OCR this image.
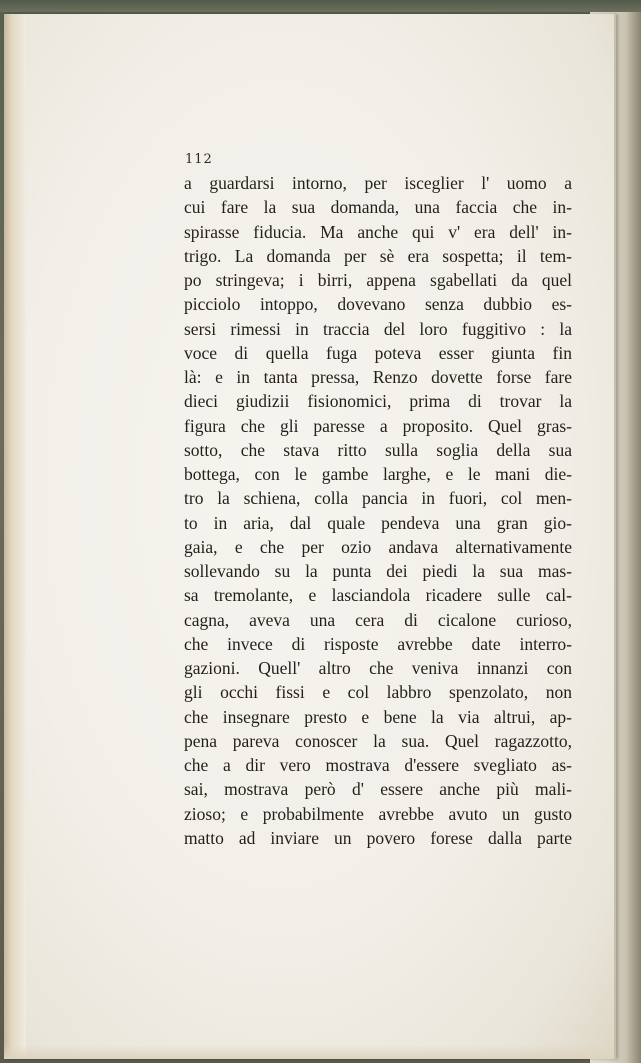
112
a guardarsi intorno, per isceglier l' uomo a
cui fare la sua domanda, una faccia che in-
spirasse fiducia. Ma anche qui v' era dell' in-
trigo. La domanda per sè era sospetta; il tem-
po stringeva; i birri, appena sgabellati da quel
picciolo intoppo, dovevano senza dubbio es-
sersi rimessi in traccia del loro fuggitivo : la
voce di quella fuga poteva esser giunta fin
là: e in tanta pressa, Renzo dovette forse fare
dieci giudizii fisionomici, prima di trovar la
figura che gli paresse a proposito. Quel gras-
sotto, che stava ritto sulla soglia della sua
bottega, con le gambe larghe, e le mani die-
tro la schiena, colla pancia in fuori, col men-
to in aria, dal quale pendeva una gran gio-
gaia, e che per ozio andava alternativamente
sollevando su la punta dei piedi la sua mas-
sa tremolante, e lasciandola ricadere sulle cal-
cagna, aveva una cera di cicalone curioso,
che invece di risposte avrebbe date interro-
gazioni. Quell' altro che veniva innanzi con
gli occhi fissi e col labbro spenzolato, non
che insegnare presto e bene la via altrui, ap-
pena pareva conoscer la sua. Quel ragazzotto,
che a dir vero mostrava d'essere svegliato as-
sai, mostrava però d' essere anche più mali-
zioso; e probabilmente avrebbe avuto un gusto
matto ad inviare un povero forese dalla parte
